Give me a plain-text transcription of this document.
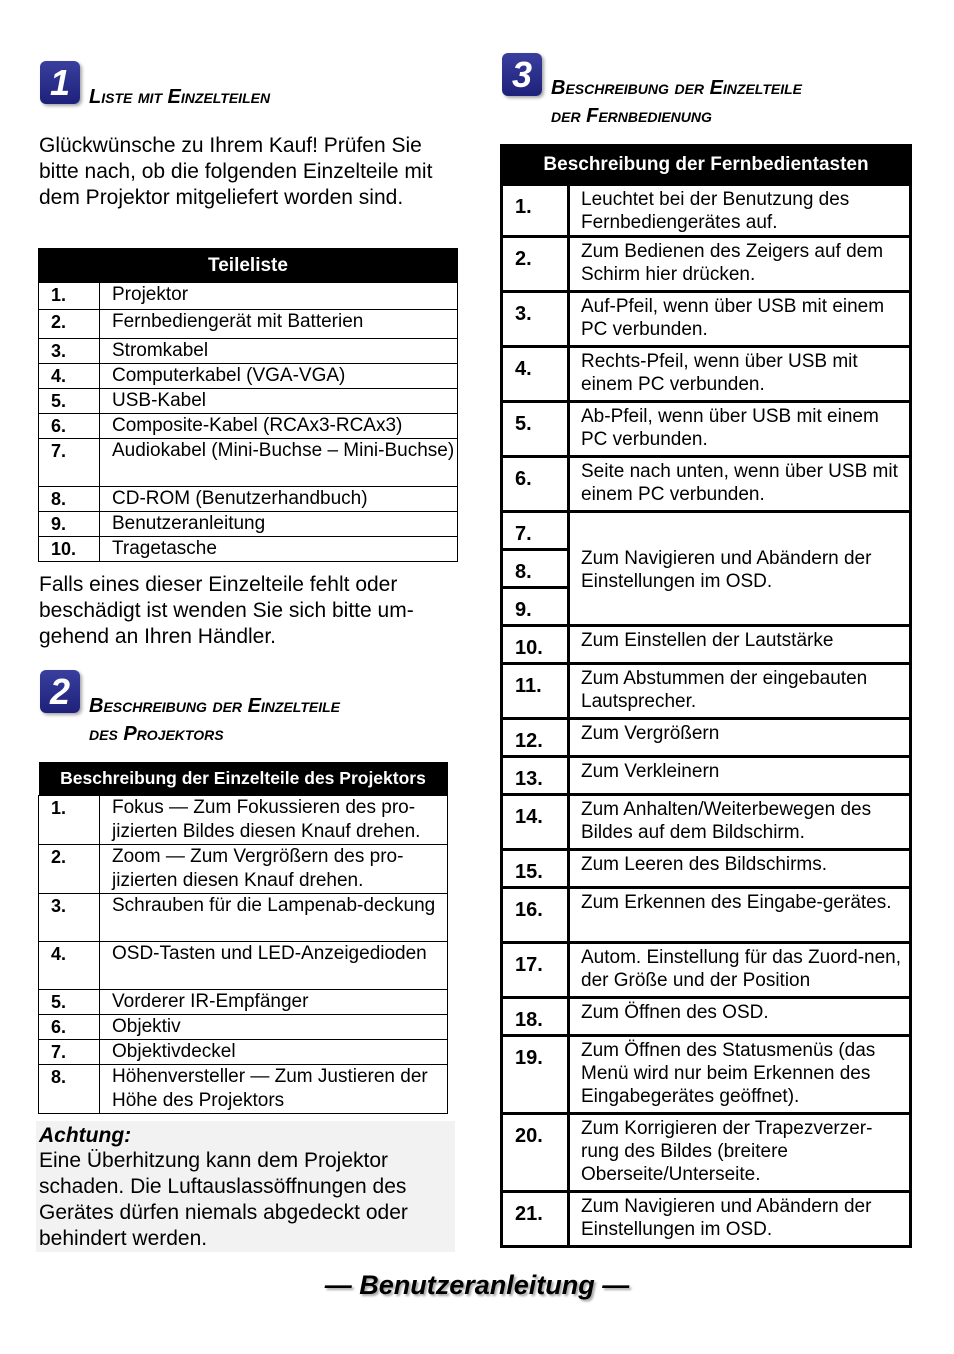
1 Liste mit Einzelteilen
Glückwünsche zu Ihrem Kauf! Prüfen Sie bitte nach, ob die folgenden Einzelteile mit dem Projektor mitgeliefert worden sind.
Teileliste	
1.	Projektor
2.	Fernbediengerät mit Batterien
3.	Stromkabel
4.	Computerkabel (VGA-VGA)
5.	USB-Kabel
6.	Composite-Kabel (RCAx3-RCAx3)
7.	Audiokabel (Mini-Buchse – Mini-Buchse)
8.	CD-ROM (Benutzerhandbuch)
9.	Benutzeranleitung
10.	Tragetasche
Falls eines dieser Einzelteile fehlt oder beschädigt ist wenden Sie sich bitte um-gehend an Ihren Händler.
2 Beschreibung der Einzelteile
des Projektors
Beschreibung der Einzelteile des Projektors	
1.	Fokus — Zum Fokussieren des pro-jizierten Bildes diesen Knauf drehen.
2.	Zoom — Zum Vergrößern des pro-jizierten diesen Knauf drehen.
3.	Schrauben für die Lampenab-deckung
4.	OSD-Tasten und LED-Anzeigedioden
5.	Vorderer IR-Empfänger
6.	Objektiv
7.	Objektivdeckel
8.	Höhenversteller — Zum Justieren der Höhe des Projektors
Achtung:
Eine Überhitzung kann dem Projektor schaden. Die Luftauslassöffnungen des Gerätes dürfen niemals abgedeckt oder behindert werden.
3 Beschreibung der Einzelteile
der Fernbedienung
Beschreibung der Fernbedientasten	
1.	Leuchtet bei der Benutzung des Fernbediengerätes auf.
2.	Zum Bedienen des Zeigers auf dem Schirm hier drücken.
3.	Auf-Pfeil, wenn über USB mit einem PC verbunden.
4.	Rechts-Pfeil, wenn über USB mit einem PC verbunden.
5.	Ab-Pfeil, wenn über USB mit einem PC verbunden.
6.	Seite nach unten, wenn über USB mit einem PC verbunden.
7.	Zum Navigieren und Abändern der Einstellungen im OSD.
8.	
9.	
10.	Zum Einstellen der Lautstärke
11.	Zum Abstummen der eingebauten Lautsprecher.
12.	Zum Vergrößern
13.	Zum Verkleinern
14.	Zum Anhalten/Weiterbewegen des Bildes auf dem Bildschirm.
15.	Zum Leeren des Bildschirms.
16.	Zum Erkennen des Eingabe-gerätes.
17.	Autom. Einstellung für das Zuord-nen, der Größe und der Position
18.	Zum Öffnen des OSD.
19.	Zum Öffnen des Statusmenüs (das Menü wird nur beim Erkennen des Eingabegerätes geöffnet).
20.	Zum Korrigieren der Trapezverzer-rung des Bildes (breitere Oberseite/Unterseite.
21.	Zum Navigieren und Abändern der Einstellungen im OSD.
— Benutzeranleitung —
